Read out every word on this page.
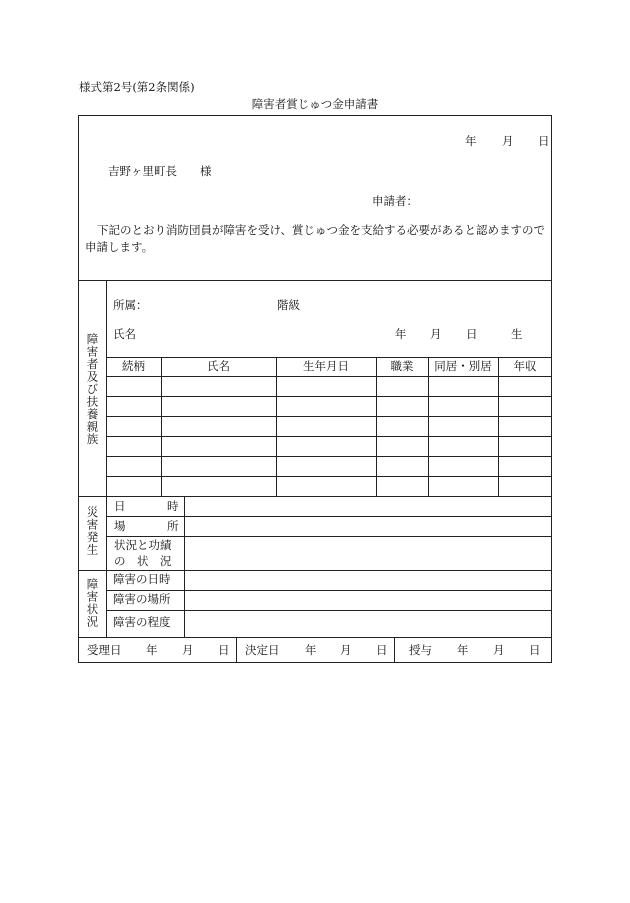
様式第2号(第2条関係)
障害者賞じゅつ金申請書
年 月 日
吉野ヶ里町長　　様
申請者：
下記のとおり消防団員が障害を受け、賞じゅつ金を支給する必要があると認めますので
申請します。
障害者及び扶養親族
所属：	階級
氏名	年 月 日	生
続柄	氏名	生年月日	職業	同居・別居	年収
災害発生 日	時
場	所
状況と功績
の　状　況
障害状況 障害の日時
障害の場所
障害の程度
受理日 年 月 日 決定日 年 月 日 授与 年 月 日
